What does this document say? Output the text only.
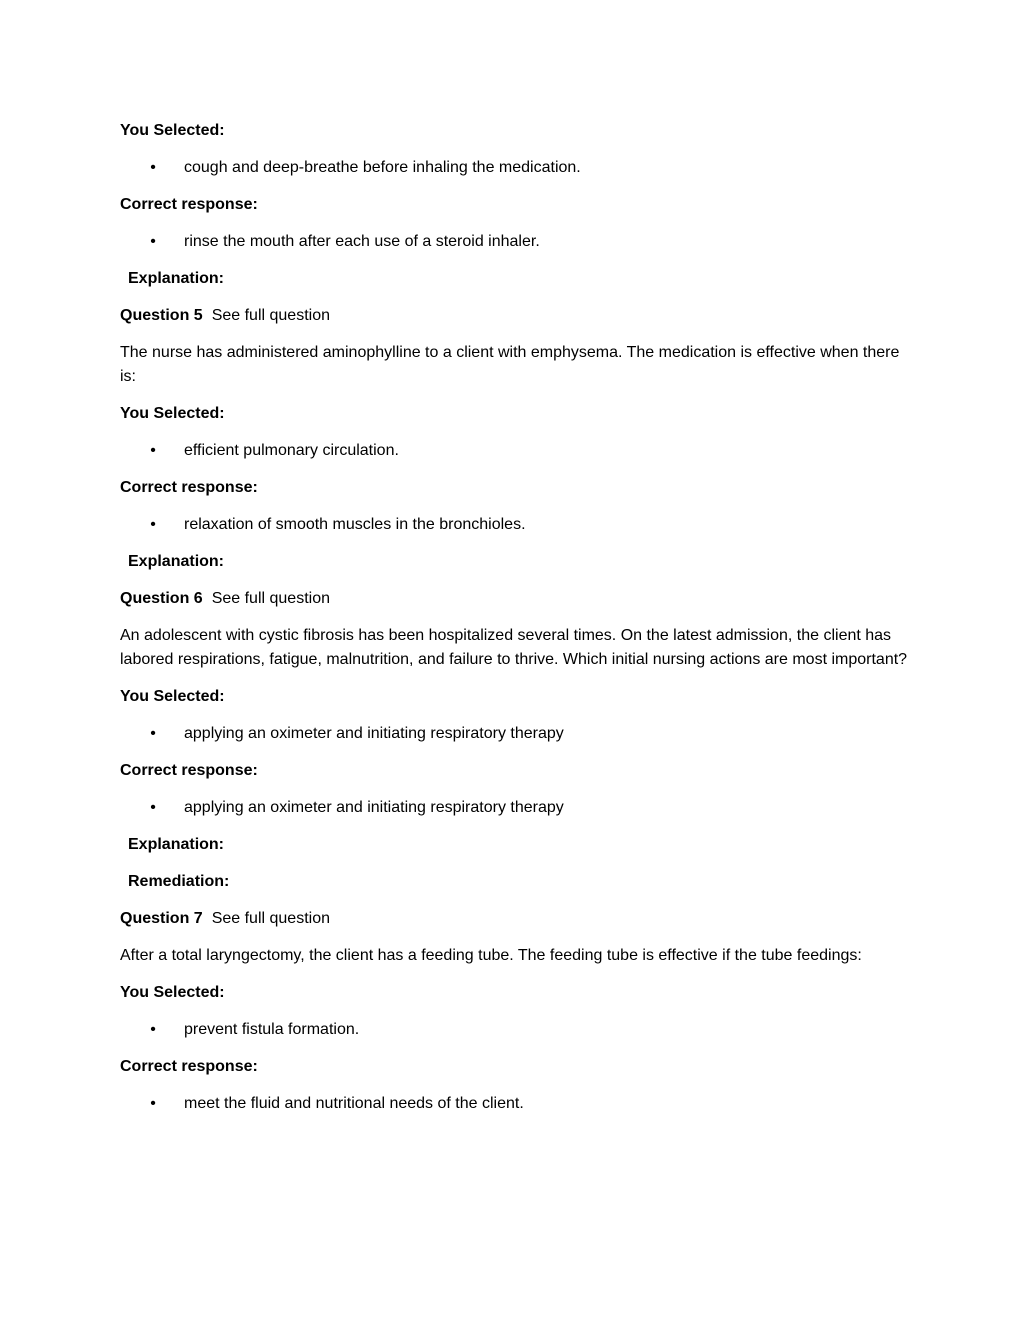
You Selected:
• cough and deep-breathe before inhaling the medication.
Correct response:
• rinse the mouth after each use of a steroid inhaler.
Explanation:
Question 5 See full question
The nurse has administered aminophylline to a client with emphysema. The medication is effective when there is:
You Selected:
• efficient pulmonary circulation.
Correct response:
• relaxation of smooth muscles in the bronchioles.
Explanation:
Question 6 See full question
An adolescent with cystic fibrosis has been hospitalized several times. On the latest admission, the client has labored respirations, fatigue, malnutrition, and failure to thrive. Which initial nursing actions are most important?
You Selected:
• applying an oximeter and initiating respiratory therapy
Correct response:
• applying an oximeter and initiating respiratory therapy
Explanation:
Remediation:
Question 7 See full question
After a total laryngectomy, the client has a feeding tube. The feeding tube is effective if the tube feedings:
You Selected:
• prevent fistula formation.
Correct response:
• meet the fluid and nutritional needs of the client.
